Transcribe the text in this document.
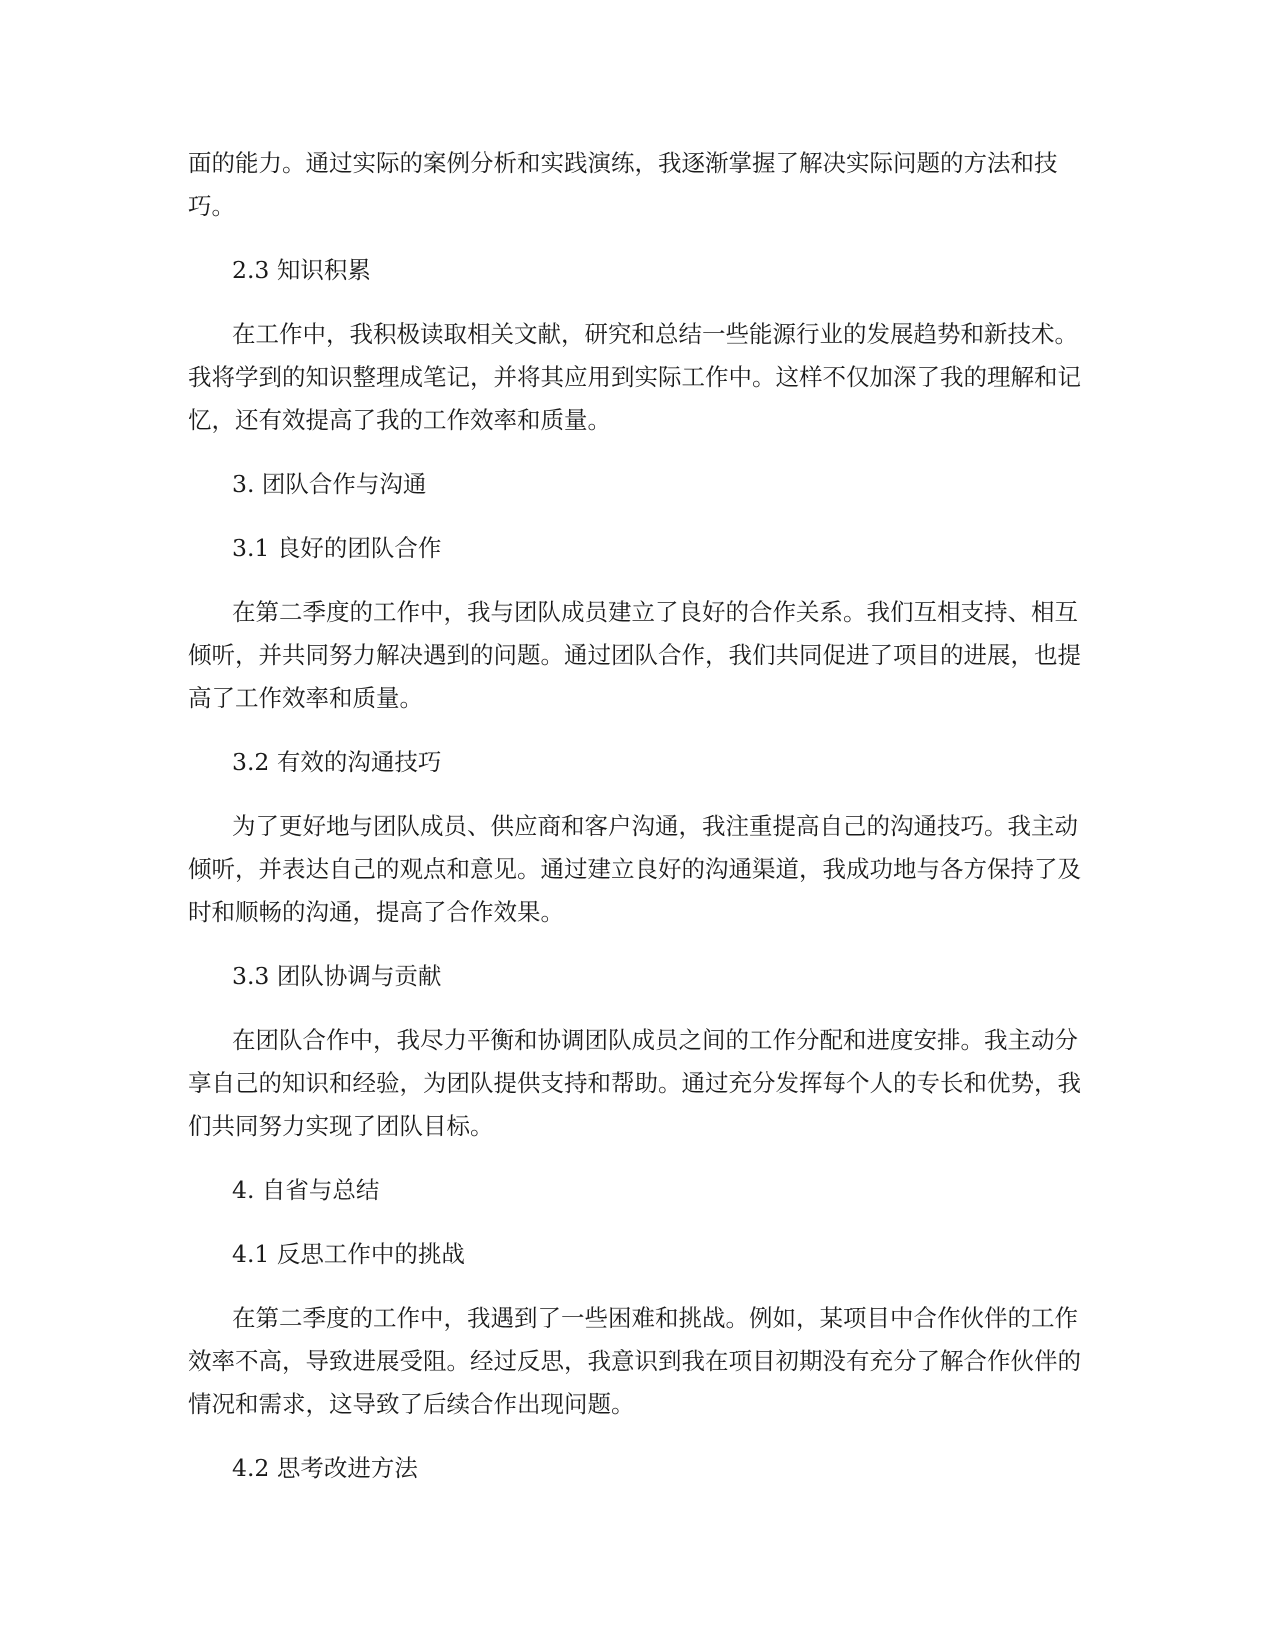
面的能力。通过实际的案例分析和实践演练，我逐渐掌握了解决实际问题的方法和技巧。

2.3 知识积累

在工作中，我积极读取相关文献，研究和总结一些能源行业的发展趋势和新技术。我将学到的知识整理成笔记，并将其应用到实际工作中。这样不仅加深了我的理解和记忆，还有效提高了我的工作效率和质量。

3. 团队合作与沟通

3.1 良好的团队合作

在第二季度的工作中，我与团队成员建立了良好的合作关系。我们互相支持、相互倾听，并共同努力解决遇到的问题。通过团队合作，我们共同促进了项目的进展，也提高了工作效率和质量。

3.2 有效的沟通技巧

为了更好地与团队成员、供应商和客户沟通，我注重提高自己的沟通技巧。我主动倾听，并表达自己的观点和意见。通过建立良好的沟通渠道，我成功地与各方保持了及时和顺畅的沟通，提高了合作效果。

3.3 团队协调与贡献

在团队合作中，我尽力平衡和协调团队成员之间的工作分配和进度安排。我主动分享自己的知识和经验，为团队提供支持和帮助。通过充分发挥每个人的专长和优势，我们共同努力实现了团队目标。

4. 自省与总结

4.1 反思工作中的挑战

在第二季度的工作中，我遇到了一些困难和挑战。例如，某项目中合作伙伴的工作效率不高，导致进展受阻。经过反思，我意识到我在项目初期没有充分了解合作伙伴的情况和需求，这导致了后续合作出现问题。

4.2 思考改进方法
